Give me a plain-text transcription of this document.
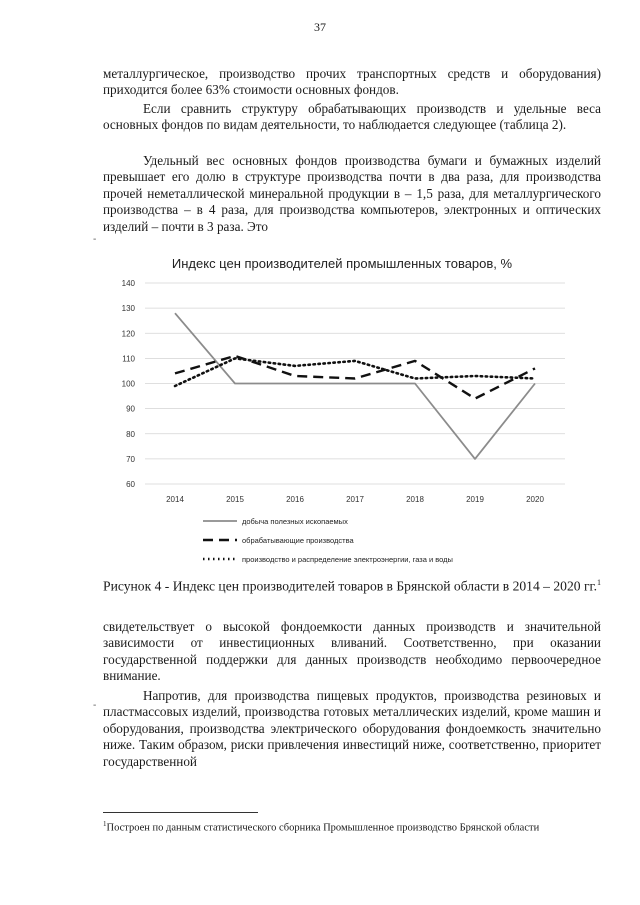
37
металлургическое, производство прочих транспортных средств и оборудования) приходится более 63% стоимости основных фондов.
Если сравнить структуру обрабатывающих производств и удельные веса основных фондов по видам деятельности, то наблюдается следующее (таблица 2).
Удельный вес основных фондов производства бумаги и бумажных изделий превышает его долю в структуре производства почти в два раза, для производства прочей неметаллической минеральной продукции в – 1,5 раза, для металлургического производства – в 4 раза, для производства компьютеров, электронных и оптических изделий – почти в 3 раза. Это
-
Индекс цен производителей промышленных товаров, %
60
70
80
90
100
110
120
130
140
2014	2015	2016	2017	2018	2019	2020
добыча полезных ископаемых
обрабатывающие производства
производство и распределение электроэнергии, газа и воды
Рисунок 4 - Индекс цен производителей товаров в Брянской области в 2014 – 2020 гг.$^1$
свидетельствует о высокой фондоемкости данных производств и значительной зависимости от инвестиционных вливаний. Соответственно, при оказании государственной поддержки для данных производств необходимо первоочередное внимание.
-
Напротив, для производства пищевых продуктов, производства резиновых и пластмассовых изделий, производства готовых металлических изделий, кроме машин и оборудования, производства электрического оборудования фондоемкость значительно ниже. Таким образом, риски привлечения инвестиций ниже, соответственно, приоритет государственной
$^1$Построен по данным статистического сборника Промышленное производство Брянской области
